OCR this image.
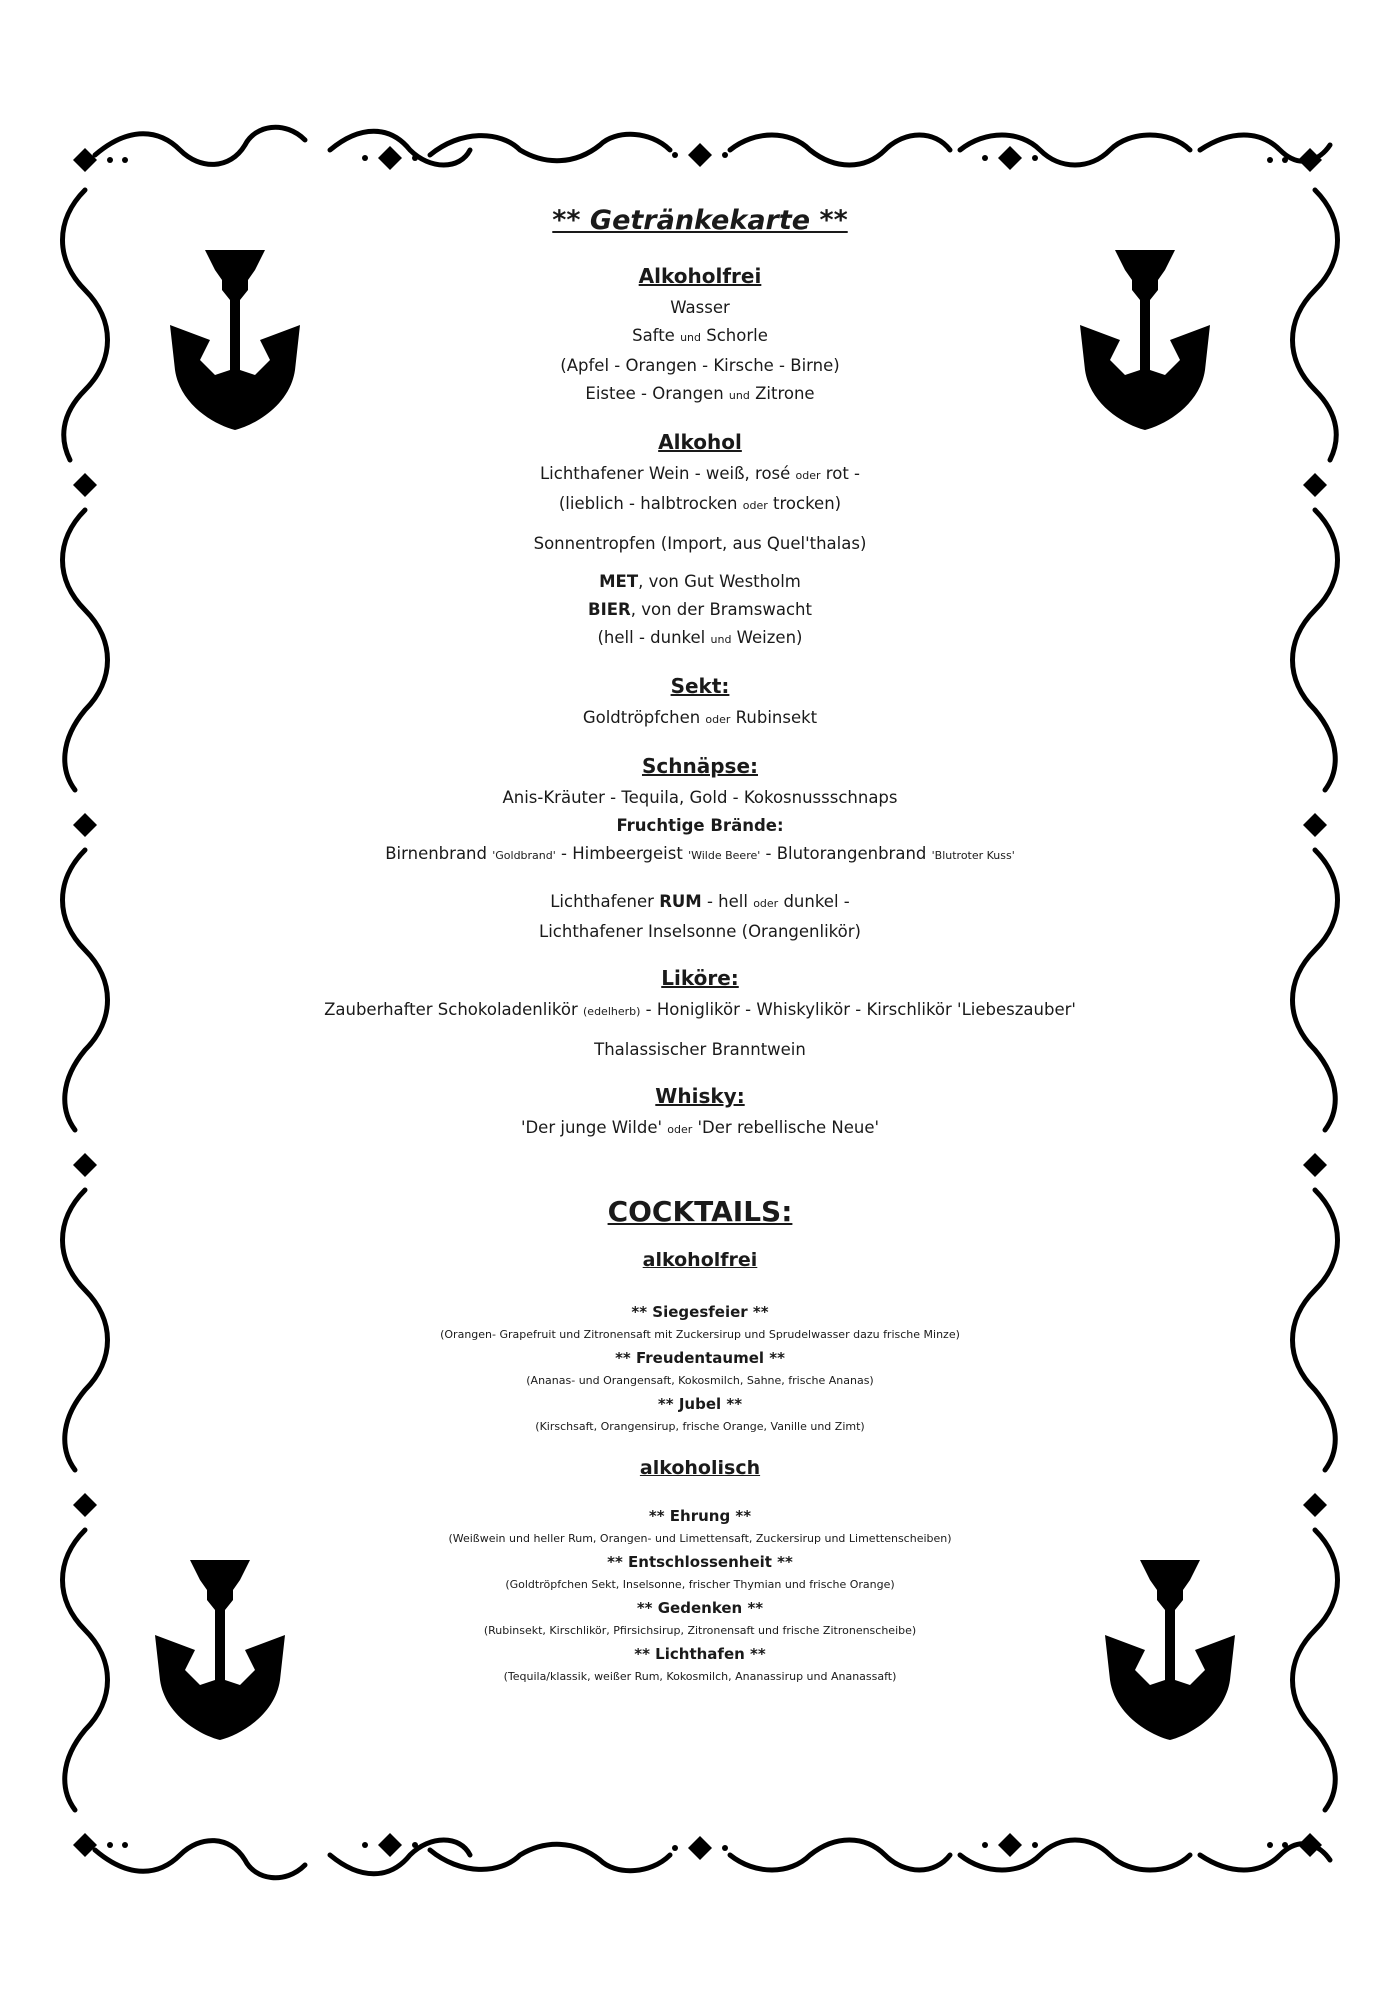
** Getränkekarte **

Alkoholfrei

Wasser

Safte und Schorle

(Apfel - Orangen - Kirsche - Birne)

Eistee - Orangen und Zitrone

Alkohol

Lichthafener Wein - weiß, rosé oder rot -

(lieblich - halbtrocken oder trocken)

Sonnentropfen (Import, aus Quel'thalas)

MET, von Gut Westholm

BIER, von der Bramswacht

(hell - dunkel und Weizen)

Sekt:

Goldtröpfchen oder Rubinsekt

Schnäpse:

Anis-Kräuter - Tequila, Gold - Kokosnussschnaps

Fruchtige Brände:

Birnenbrand 'Goldbrand' - Himbeergeist 'Wilde Beere' - Blutorangenbrand 'Blutroter Kuss'

Lichthafener RUM - hell oder dunkel -

Lichthafener Inselsonne (Orangenlikör)

Liköre:

Zauberhafter Schokoladenlikör (edelherb) - Honiglikör - Whiskylikör - Kirschlikör 'Liebeszauber'

Thalassischer Branntwein

Whisky:

'Der junge Wilde' oder 'Der rebellische Neue'

COCKTAILS:

alkoholfrei

** Siegesfeier **

(Orangen- Grapefruit und Zitronensaft mit Zuckersirup und Sprudelwasser dazu frische Minze)

** Freudentaumel **

(Ananas- und Orangensaft, Kokosmilch, Sahne, frische Ananas)

** Jubel **

(Kirschsaft, Orangensirup, frische Orange, Vanille und Zimt)

alkoholisch

** Ehrung **

(Weißwein und heller Rum, Orangen- und Limettensaft, Zuckersirup und Limettenscheiben)

** Entschlossenheit **

(Goldtröpfchen Sekt, Inselsonne, frischer Thymian und frische Orange)

** Gedenken **

(Rubinsekt, Kirschlikör, Pfirsichsirup, Zitronensaft und frische Zitronenscheibe)

** Lichthafen **

(Tequila/klassik, weißer Rum, Kokosmilch, Ananassirup und Ananassaft)
